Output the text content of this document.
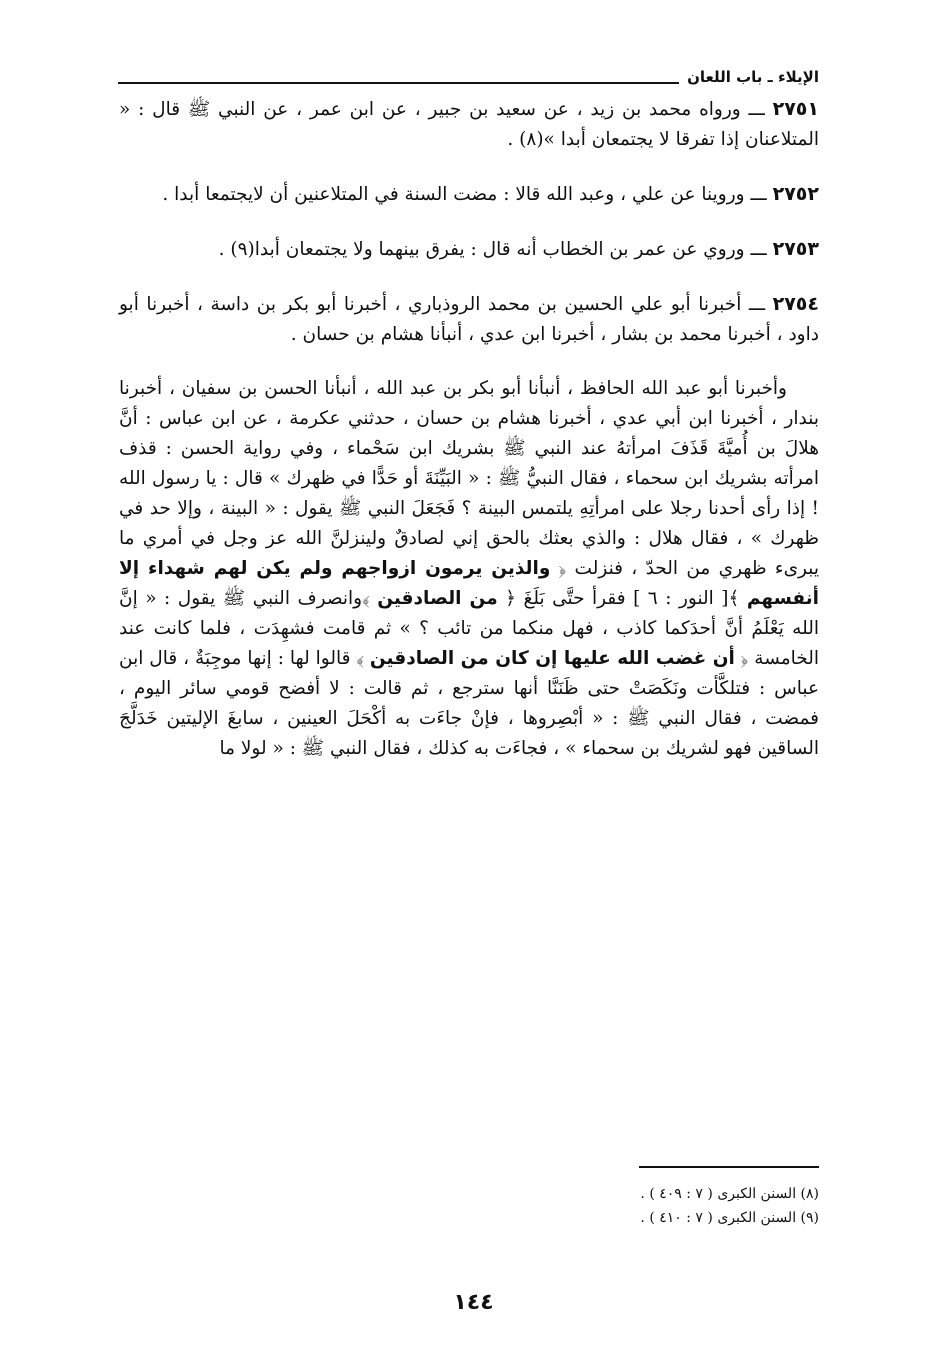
الإيلاء ـ باب اللعان

٢٧٥١ ـــ ورواه محمد بن زيد ، عن سعيد بن جبير ، عن ابن عمر ، عن النبي ﷺ قال : « المتلاعنان إذا تفرقا لا يجتمعان أبدا »(٨) .

٢٧٥٢ ـــ وروينا عن علي ، وعبد الله قالا : مضت السنة في المتلاعنين أن لايجتمعا أبدا .

٢٧٥٣ ـــ وروي عن عمر بن الخطاب أنه قال : يفرق بينهما ولا يجتمعان أبدا(٩) .

٢٧٥٤ ـــ أخبرنا أبو علي الحسين بن محمد الروذباري ، أخبرنا أبو بكر بن داسة ، أخبرنا أبو داود ، أخبرنا محمد بن بشار ، أخبرنا ابن عدي ، أنبأنا هشام بن حسان .

وأخبرنا أبو عبد الله الحافظ ، أنبأنا أبو بكر بن عبد الله ، أنبأنا الحسن بن سفيان ، أخبرنا بندار ، أخبرنا ابن أبي عدي ، أخبرنا هشام بن حسان ، حدثني عكرمة ، عن ابن عباس : أنَّ هلالَ بن أُميَّةَ قَذَفَ امرأتهُ عند النبي ﷺ بشريك ابن سَحْماء ، وفي رواية الحسن : قذف امرأته بشريك ابن سحماء ، فقال النبيُّ ﷺ : « البَيِّنَةَ أو حَدًّا في ظهرك » قال : يا رسول الله ! إذا رأى أحدنا رجلا على امرأتِهِ يلتمس البينة ؟ فَجَعَلَ النبي ﷺ يقول : « البينة ، وإلا حد في ظهرك » ، فقال هلال : والذي بعثك بالحق إني لصادقٌ ولينزلنَّ الله عز وجل في أمري ما يبرىء ظهري من الحدّ ، فنزلت ﴿ والذين يرمون ازواجهم ولم يكن لهم شهداء إلا أنفسهم ﴾[ النور : ٦ ] فقرأ حتَّى بَلَغَ ﴿ من الصادقين ﴾وانصرف النبي ﷺ يقول : « إنَّ الله يَعْلَمُ أنَّ أحدَكما كاذب ، فهل منكما من تائب ؟ » ثم قامت فشهِدَت ، فلما كانت عند الخامسة ﴿ أن غضب الله عليها إن كان من الصادقين ﴾ قالوا لها : إنها موجِبَةٌ ، قال ابن عباس : فتلكَّأت ونَكَصَتْ حتى ظَنَنَّا أنها سترجع ، ثم قالت : لا أفضح قومي سائر اليوم ، فمضت ، فقال النبي ﷺ : « أبْصِروها ، فإنْ جاءَت به أكْحَلَ العينين ، سابغَ الإليتين خَدَلَّجَ الساقين فهو لشريك بن سحماء » ، فجاءَت به كذلك ، فقال النبي ﷺ : « لولا ما

(٨) السنن الكبرى ( ٧ : ٤٠٩ ) .
(٩) السنن الكبرى ( ٧ : ٤١٠ ) .
١٤٤
